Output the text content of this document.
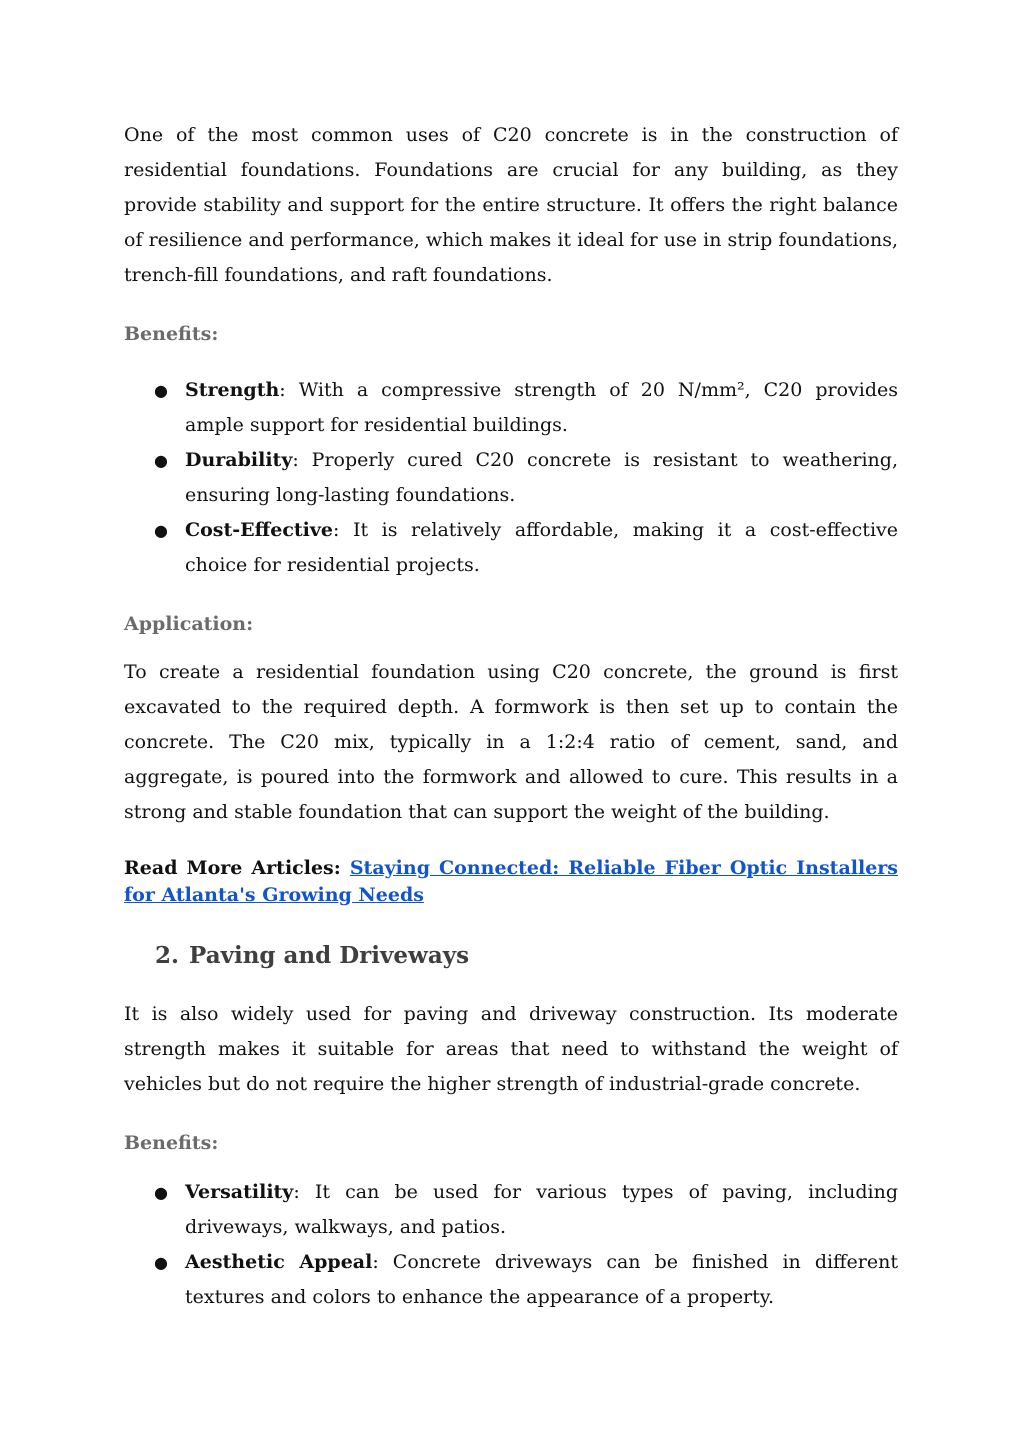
One of the most common uses of C20 concrete is in the construction of residential foundations. Foundations are crucial for any building, as they provide stability and support for the entire structure. It offers the right balance of resilience and performance, which makes it ideal for use in strip foundations, trench-fill foundations, and raft foundations.

Benefits:
● Strength: With a compressive strength of 20 N/mm², C20 provides ample support for residential buildings.
● Durability: Properly cured C20 concrete is resistant to weathering, ensuring long-lasting foundations.
● Cost-Effective: It is relatively affordable, making it a cost-effective choice for residential projects.
Application:

To create a residential foundation using C20 concrete, the ground is first excavated to the required depth. A formwork is then set up to contain the concrete. The C20 mix, typically in a 1:2:4 ratio of cement, sand, and aggregate, is poured into the formwork and allowed to cure. This results in a strong and stable foundation that can support the weight of the building.

Read More Articles: Staying Connected: Reliable Fiber Optic Installers for Atlanta's Growing Needs

2. Paving and Driveways

It is also widely used for paving and driveway construction. Its moderate strength makes it suitable for areas that need to withstand the weight of vehicles but do not require the higher strength of industrial-grade concrete.

Benefits:
● Versatility: It can be used for various types of paving, including driveways, walkways, and patios.
● Aesthetic Appeal: Concrete driveways can be finished in different textures and colors to enhance the appearance of a property.
